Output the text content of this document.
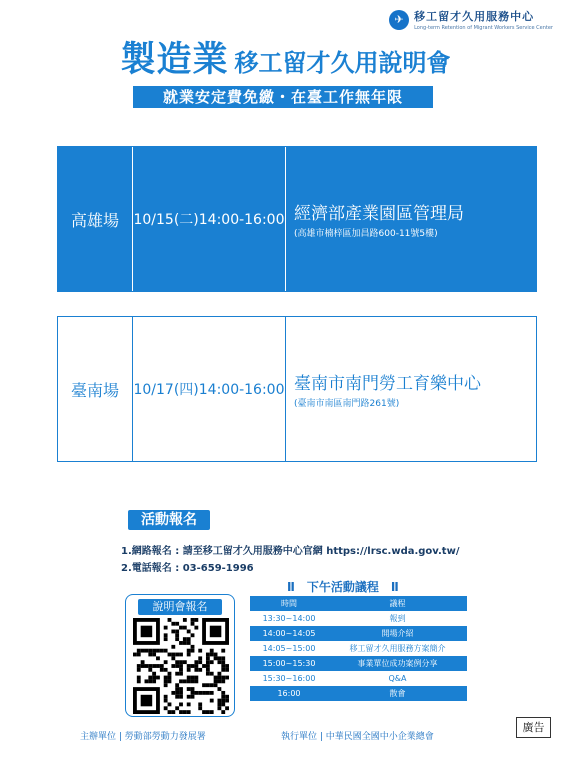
✈ 移工留才久用服務中心
Long-term Retention of Migrant Workers Service Center
製造業 移工留才久用說明會
就業安定費免繳・在臺工作無年限
高雄場	10/15(二)14:00-16:00 經濟部產業園區管理局
(高雄市楠梓區加昌路600-11號5樓)
臺南場	10/17(四)14:00-16:00 臺南市南門勞工育樂中心
(臺南市南區南門路261號)
活動報名
1.網路報名 : 請至移工留才久用服務中心官網 https://lrsc.wda.gov.tw/
2.電話報名 : 03-659-1996
Ⅱ　下午活動議程　Ⅱ
說明會報名	時間	議程
13:30~14:00	報到
14:00~14:05	開場介紹
14:05~15:00	移工留才久用服務方案簡介
15:00~15:30	事業單位成功案例分享
15:30~16:00	Q&A
16:00	散會
主辦單位 | 勞動部勞動力發展署	執行單位 | 中華民國全國中小企業總會
廣告
